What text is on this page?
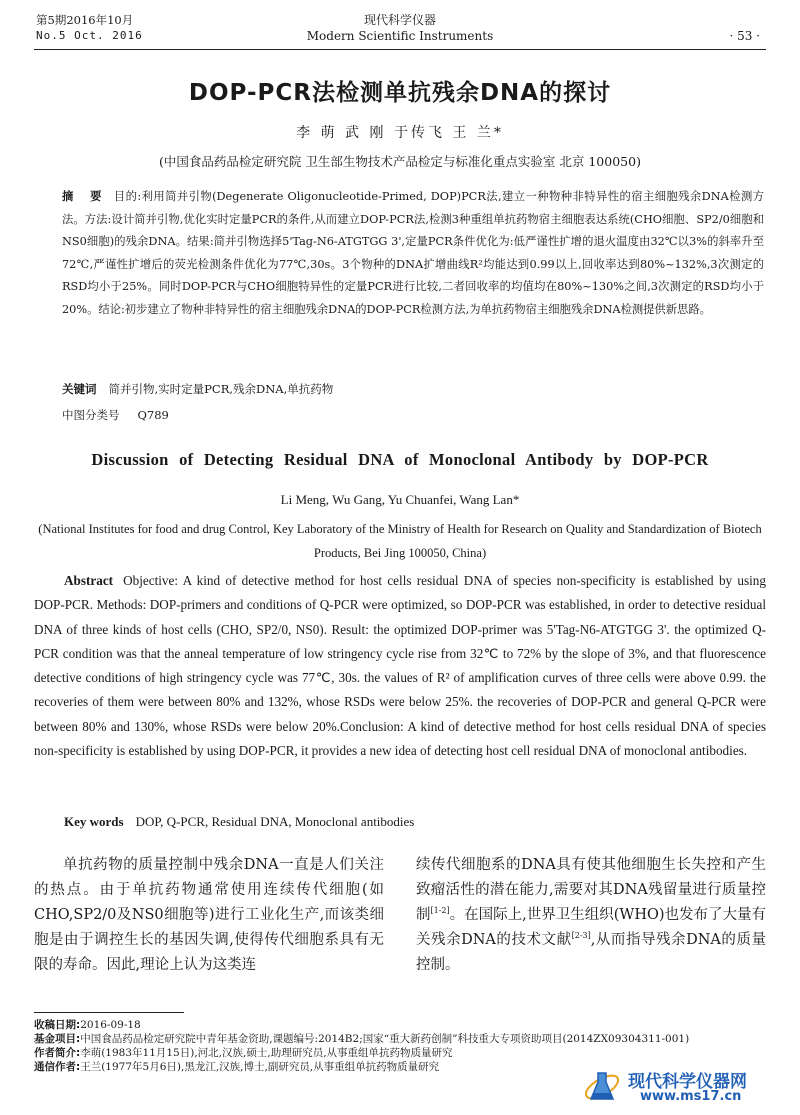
第5期2016年10月
No.5 Oct. 2016
现代科学仪器
Modern Scientific Instruments	· 53 ·
DOP-PCR法检测单抗残余DNA的探讨
李 萌 武 刚 于传飞 王 兰*
(中国食品药品检定研究院 卫生部生物技术产品检定与标准化重点实验室 北京 100050)
摘 要 目的:利用简并引物(Degenerate Oligonucleotide-Primed, DOP)PCR法,建立一种物种非特异性的宿主细胞残余DNA检测方法。方法:设计简并引物,优化实时定量PCR的条件,从而建立DOP-PCR法,检测3种重组单抗药物宿主细胞表达系统(CHO细胞、SP2/0细胞和NS0细胞)的残余DNA。结果:简并引物选择5'Tag-N6-ATGTGG 3',定量PCR条件优化为:低严谨性扩增的退火温度由32℃以3%的斜率升至72℃,严谨性扩增后的荧光检测条件优化为77℃,30s。3个物种的DNA扩增曲线R²均能达到0.99以上,回收率达到80%~132%,3次测定的RSD均小于25%。同时DOP-PCR与CHO细胞特异性的定量PCR进行比较,二者回收率的均值均在80%~130%之间,3次测定的RSD均小于20%。结论:初步建立了物种非特异性的宿主细胞残余DNA的DOP-PCR检测方法,为单抗药物宿主细胞残余DNA检测提供新思路。
关键词 简并引物,实时定量PCR,残余DNA,单抗药物
中图分类号 Q789
Discussion of Detecting Residual DNA of Monoclonal Antibody by DOP-PCR
Li Meng, Wu Gang, Yu Chuanfei, Wang Lan*
(National Institutes for food and drug Control, Key Laboratory of the Ministry of Health for Research on Quality and Standardization of Biotech Products, Bei Jing 100050, China)
Abstract Objective: A kind of detective method for host cells residual DNA of species non-specificity is established by using DOP-PCR. Methods: DOP-primers and conditions of Q-PCR were optimized, so DOP-PCR was established, in order to detective residual DNA of three kinds of host cells (CHO, SP2/0, NS0). Result: the optimized DOP-primer was 5'Tag-N6-ATGTGG 3'. the optimized Q-PCR condition was that the anneal temperature of low stringency cycle rise from 32℃ to 72% by the slope of 3%, and that fluorescence detective conditions of high stringency cycle was 77℃, 30s. the values of R² of amplification curves of three cells were above 0.99. the recoveries of them were between 80% and 132%, whose RSDs were below 25%. the recoveries of DOP-PCR and general Q-PCR were between 80% and 130%, whose RSDs were below 20%.Conclusion: A kind of detective method for host cells residual DNA of species non-specificity is established by using DOP-PCR, it provides a new idea of detecting host cell residual DNA of monoclonal antibodies.
Key words DOP, Q-PCR, Residual DNA, Monoclonal antibodies
单抗药物的质量控制中残余DNA一直是人们关注的热点。由于单抗药物通常使用连续传代细胞(如CHO,SP2/0及NS0细胞等)进行工业化生产,而该类细胞是由于调控生长的基因失调,使得传代细胞系具有无限的寿命。因此,理论上认为这类连
续传代细胞系的DNA具有使其他细胞生长失控和产生致瘤活性的潜在能力,需要对其DNA残留量进行质量控制[1-2]。在国际上,世界卫生组织(WHO)也发布了大量有关残余DNA的技术文献[2-3],从而指导残余DNA的质量控制。
收稿日期:2016-09-18
基金项目:中国食品药品检定研究院中青年基金资助,课题编号:2014B2;国家“重大新药创制”科技重大专项资助项目(2014ZX09304311-001)
作者简介:李萌(1983年11月15日),河北,汉族,硕士,助理研究员,从事重组单抗药物质量研究
通信作者:王兰(1977年5月6日),黑龙江,汉族,博士,副研究员,从事重组单抗药物质量研究
现代科学仪器网
www.ms17.cn
